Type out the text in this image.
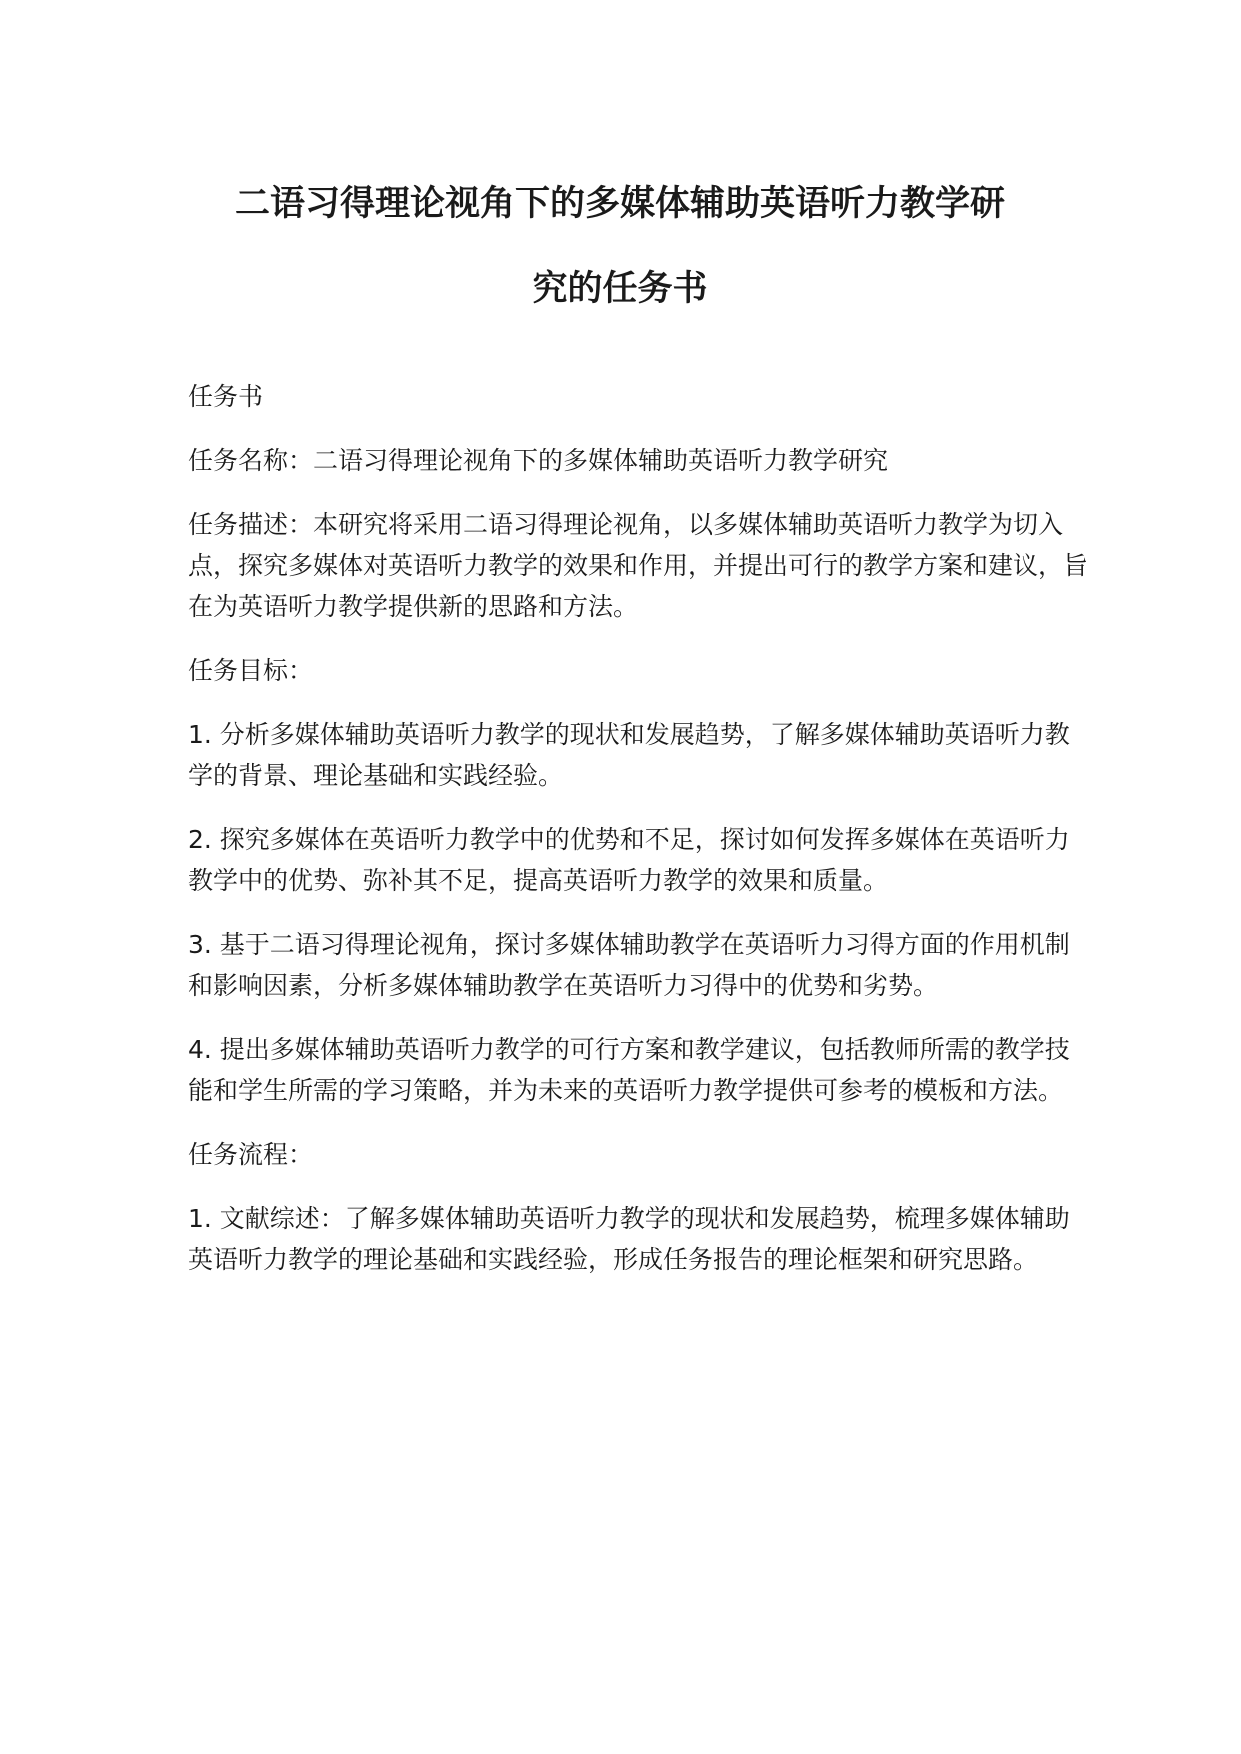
二语习得理论视角下的多媒体辅助英语听力教学研
究的任务书

任务书

任务名称：二语习得理论视角下的多媒体辅助英语听力教学研究

任务描述：本研究将采用二语习得理论视角，以多媒体辅助英语听力教学为切入点，探究多媒体对英语听力教学的效果和作用，并提出可行的教学方案和建议，旨在为英语听力教学提供新的思路和方法。

任务目标：

1. 分析多媒体辅助英语听力教学的现状和发展趋势，了解多媒体辅助英语听力教学的背景、理论基础和实践经验。

2. 探究多媒体在英语听力教学中的优势和不足，探讨如何发挥多媒体在英语听力教学中的优势、弥补其不足，提高英语听力教学的效果和质量。

3. 基于二语习得理论视角，探讨多媒体辅助教学在英语听力习得方面的作用机制和影响因素，分析多媒体辅助教学在英语听力习得中的优势和劣势。

4. 提出多媒体辅助英语听力教学的可行方案和教学建议，包括教师所需的教学技能和学生所需的学习策略，并为未来的英语听力教学提供可参考的模板和方法。

任务流程：

1. 文献综述：了解多媒体辅助英语听力教学的现状和发展趋势，梳理多媒体辅助英语听力教学的理论基础和实践经验，形成任务报告的理论框架和研究思路。
